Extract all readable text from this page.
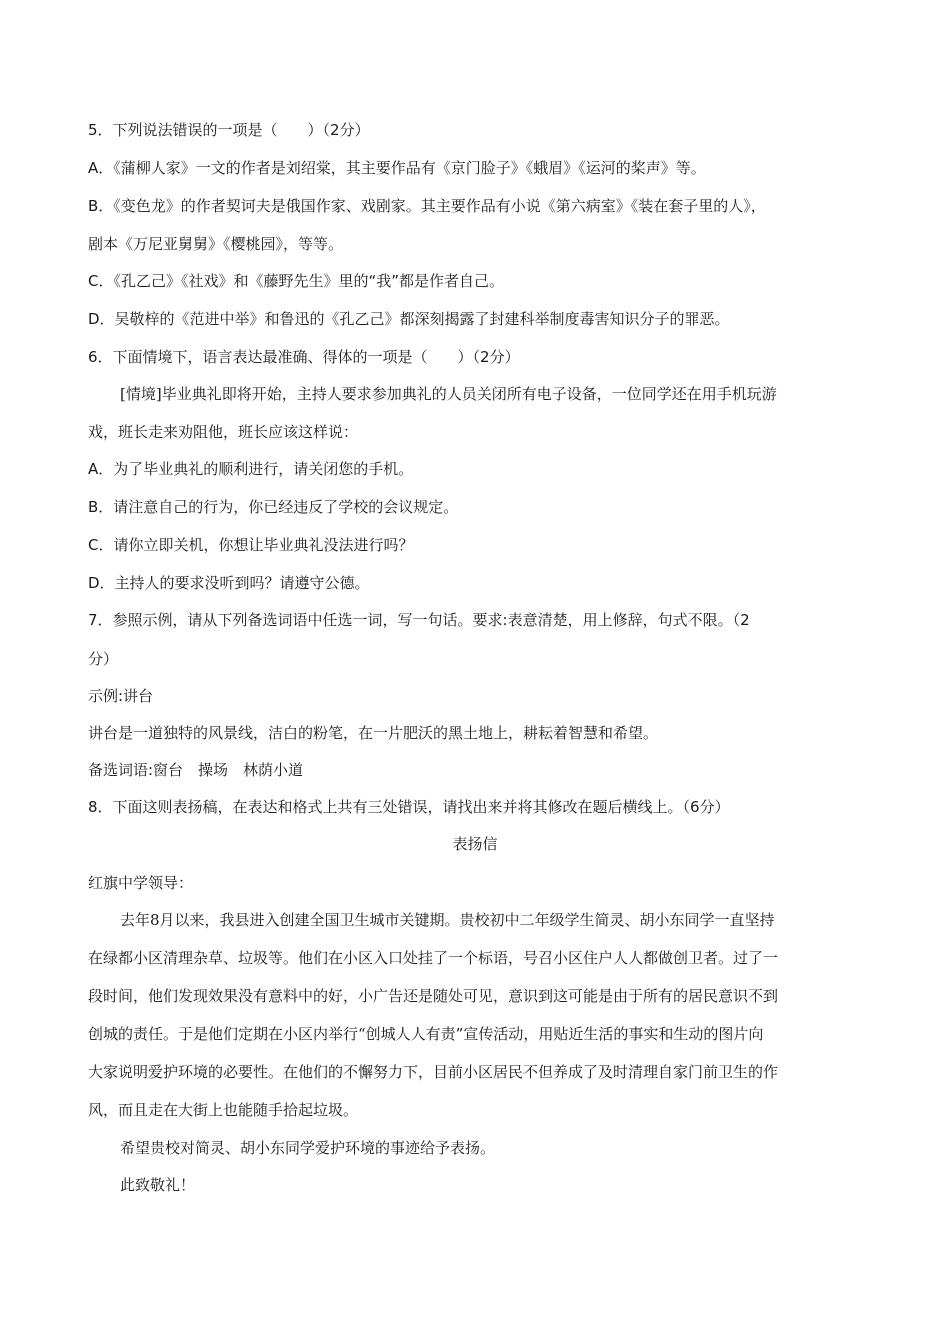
5．下列说法错误的一项是（　　）（2分）
A．《蒲柳人家》一文的作者是刘绍棠，其主要作品有《京门脸子》《蛾眉》《运河的桨声》等。
B．《变色龙》的作者契诃夫是俄国作家、戏剧家。其主要作品有小说《第六病室》《装在套子里的人》，
剧本《万尼亚舅舅》《樱桃园》，等等。
C．《孔乙己》《社戏》和《藤野先生》里的“我”都是作者自己。
D．吴敬梓的《范进中举》和鲁迅的《孔乙己》都深刻揭露了封建科举制度毒害知识分子的罪恶。
6．下面情境下，语言表达最准确、得体的一项是（　　）（2分）
[情境]毕业典礼即将开始，主持人要求参加典礼的人员关闭所有电子设备，一位同学还在用手机玩游
戏，班长走来劝阻他，班长应该这样说：
A．为了毕业典礼的顺利进行，请关闭您的手机。
B．请注意自己的行为，你已经违反了学校的会议规定。
C．请你立即关机，你想让毕业典礼没法进行吗？
D．主持人的要求没听到吗？请遵守公德。
7．参照示例，请从下列备选词语中任选一词，写一句话。要求:表意清楚，用上修辞，句式不限。（2
分）
示例:讲台
讲台是一道独特的风景线，洁白的粉笔，在一片肥沃的黑土地上，耕耘着智慧和希望。
备选词语:窗台　操场　林荫小道
8．下面这则表扬稿，在表达和格式上共有三处错误，请找出来并将其修改在题后横线上。（6分）
表扬信
红旗中学领导：
去年8月以来，我县进入创建全国卫生城市关键期。贵校初中二年级学生简灵、胡小东同学一直坚持
在绿都小区清理杂草、垃圾等。他们在小区入口处挂了一个标语，号召小区住户人人都做创卫者。过了一
段时间，他们发现效果没有意料中的好，小广告还是随处可见，意识到这可能是由于所有的居民意识不到
创城的责任。于是他们定期在小区内举行“创城人人有责”宣传活动，用贴近生活的事实和生动的图片向
大家说明爱护环境的必要性。在他们的不懈努力下，目前小区居民不但养成了及时清理自家门前卫生的作
风，而且走在大街上也能随手拾起垃圾。
希望贵校对简灵、胡小东同学爱护环境的事迹给予表扬。
此致敬礼！
